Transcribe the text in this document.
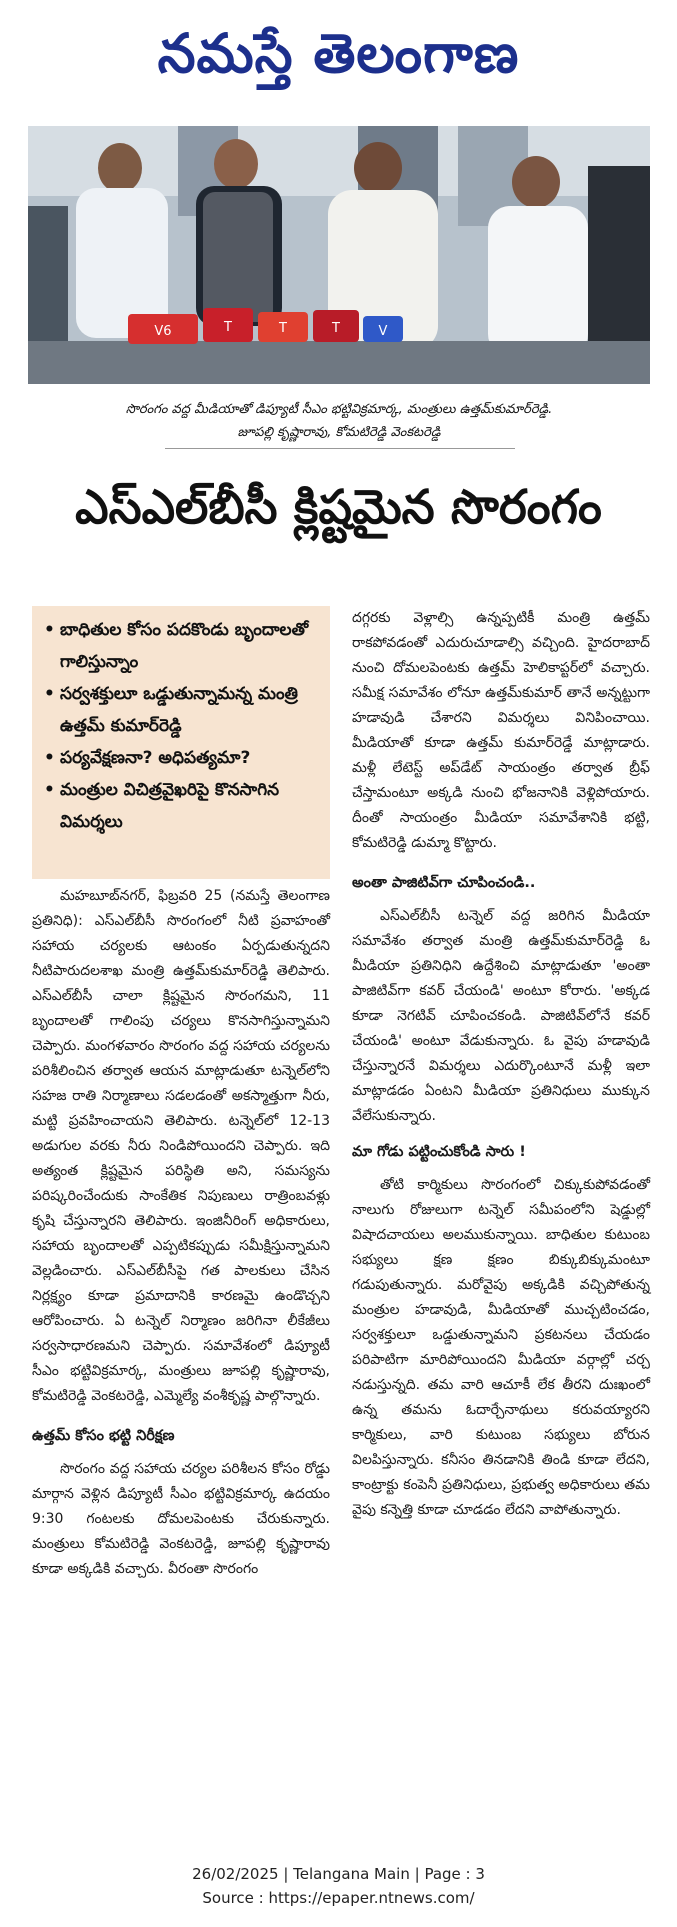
నమస్తే తెలంగాణ
V6	T	T	T	V
సొరంగం వద్ద మీడియాతో డిప్యూటీ సీఎం భట్టివిక్రమార్క, మంత్రులు ఉత్తమ్‌కుమార్‌రెడ్డి.
జూపల్లి కృష్ణారావు, కోమటిరెడ్డి వెంకటరెడ్డి
ఎస్‌ఎల్‌బీసీ క్లిష్టమైన సొరంగం
• బాధితుల కోసం పదకొండు బృందాలతో గాలిస్తున్నాం
• సర్వశక్తులూ ఒడ్డుతున్నామన్న మంత్రి ఉత్తమ్ కుమార్‌రెడ్డి
• పర్యవేక్షణనా? అధిపత్యమా?
• మంత్రుల విచిత్రవైఖరిపై కొనసాగిన విమర్శలు

మహబూబ్‌నగర్, ఫిబ్రవరి 25 (నమస్తే తెలంగాణ ప్రతినిధి): ఎస్‌ఎల్‌బీసీ సొరంగంలో నీటి ప్రవాహంతో సహాయ చర్యలకు ఆటంకం ఏర్పడుతున్నదని నీటిపారుదలశాఖ మంత్రి ఉత్తమ్‌కుమార్‌రెడ్డి తెలిపారు. ఎస్‌ఎల్‌బీసీ చాలా క్లిష్టమైన సొరంగమని, 11 బృందాలతో గాలింపు చర్యలు కొనసాగిస్తున్నామని చెప్పారు. మంగళవారం సొరంగం వద్ద సహాయ చర్యలను పరిశీలించిన తర్వాత ఆయన మాట్లాడుతూ టన్నెల్‌లోని సహజ రాతి నిర్మాణాలు సడలడంతో అకస్మాత్తుగా నీరు, మట్టి ప్రవహించాయని తెలిపారు. టన్నెల్‌లో 12-13 అడుగుల వరకు నీరు నిండిపోయిందని చెప్పారు. ఇది అత్యంత క్లిష్టమైన పరిస్థితి అని, సమస్యను పరిష్కరించేందుకు సాంకేతిక నిపుణులు రాత్రింబవళ్లు కృషి చేస్తున్నారని తెలిపారు. ఇంజినీరింగ్ అధికారులు, సహాయ బృందాలతో ఎప్పటికప్పుడు సమీక్షిస్తున్నామని వెల్లడించారు. ఎస్‌ఎల్‌బీసీపై గత పాలకులు చేసిన నిర్లక్ష్యం కూడా ప్రమాదానికి కారణమై ఉండొచ్చని ఆరోపించారు. ఏ టన్నెల్ నిర్మాణం జరిగినా లీకేజీలు సర్వసాధారణమని చెప్పారు. సమావేశంలో డిప్యూటీ సీఎం భట్టివిక్రమార్క, మంత్రులు జూపల్లి కృష్ణారావు, కోమటిరెడ్డి వెంకటరెడ్డి, ఎమ్మెల్యే వంశీకృష్ణ పాల్గొన్నారు.

ఉత్తమ్ కోసం భట్టి నిరీక్షణ

సొరంగం వద్ద సహాయ చర్యల పరిశీలన కోసం రోడ్డు మార్గాన వెళ్లిన డిప్యూటీ సీఎం భట్టివిక్రమార్క ఉదయం 9:30 గంటలకు దోమలపెంటకు చేరుకున్నారు. మంత్రులు కోమటిరెడ్డి వెంకటరెడ్డి, జూపల్లి కృష్ణారావు కూడా అక్కడికి వచ్చారు. వీరంతా సొరంగం

దగ్గరకు వెళ్లాల్సి ఉన్నప్పటికీ మంత్రి ఉత్తమ్ రాకపోవడంతో ఎదురుచూడాల్సి వచ్చింది. హైదరాబాద్ నుంచి దోమలపెంటకు ఉత్తమ్ హెలికాప్టర్‌లో వచ్చారు. సమీక్ష సమావేశం లోనూ ఉత్తమ్‌కుమార్ తానే అన్నట్టుగా హడావుడి చేశారని విమర్శలు వినిపించాయి. మీడియాతో కూడా ఉత్తమ్ కుమార్‌రెడ్డే మాట్లాడారు. మళ్లీ లేటెస్ట్ అప్‌డేట్ సాయంత్రం తర్వాత బ్రీఫ్ చేస్తామంటూ అక్కడి నుంచి భోజనానికి వెళ్లిపోయారు. దీంతో సాయంత్రం మీడియా సమావేశానికి భట్టి, కోమటిరెడ్డి డుమ్మా కొట్టారు.

అంతా పాజిటివ్‌గా చూపించండి..

ఎస్‌ఎల్‌బీసీ టన్నెల్ వద్ద జరిగిన మీడియా సమావేశం తర్వాత మంత్రి ఉత్తమ్‌కుమార్‌రెడ్డి ఓ మీడియా ప్రతినిధిని ఉద్దేశించి మాట్లాడుతూ 'అంతా పాజిటివ్‌గా కవర్ చేయండి' అంటూ కోరారు. 'అక్కడ కూడా నెగటివ్ చూపించకండి. పాజిటివ్‌లోనే కవర్ చేయండి' అంటూ వేడుకున్నారు. ఓ వైపు హడావుడి చేస్తున్నారనే విమర్శలు ఎదుర్కొంటూనే మళ్లీ ఇలా మాట్లాడడం ఏంటని మీడియా ప్రతినిధులు ముక్కున వేలేసుకున్నారు.

మా గోడు పట్టించుకోండి సారు !

తోటి కార్మికులు సొరంగంలో చిక్కుకుపోవడంతో నాలుగు రోజులుగా టన్నెల్ సమీపంలోని షెడ్డుల్లో విషాదచాయలు అలముకున్నాయి. బాధితుల కుటుంబ సభ్యులు క్షణ క్షణం బిక్కుబిక్కుమంటూ గడుపుతున్నారు. మరోవైపు అక్కడికి వచ్చిపోతున్న మంత్రుల హడావుడి, మీడియాతో ముచ్చటించడం, సర్వశక్తులూ ఒడ్డుతున్నామని ప్రకటనలు చేయడం పరిపాటిగా మారిపోయిందని మీడియా వర్గాల్లో చర్చ నడుస్తున్నది. తమ వారి ఆచూకీ లేక తీరని దుఃఖంలో ఉన్న తమను ఓదార్చేనాథులు కరువయ్యారని కార్మికులు, వారి కుటుంబ సభ్యులు బోరున విలపిస్తున్నారు. కనీసం తినడానికి తిండి కూడా లేదని, కాంట్రాక్టు కంపెనీ ప్రతినిధులు, ప్రభుత్వ అధికారులు తమ వైపు కన్నెత్తి కూడా చూడడం లేదని వాపోతున్నారు.

26/02/2025 | Telangana Main | Page : 3
Source : https://epaper.ntnews.com/
